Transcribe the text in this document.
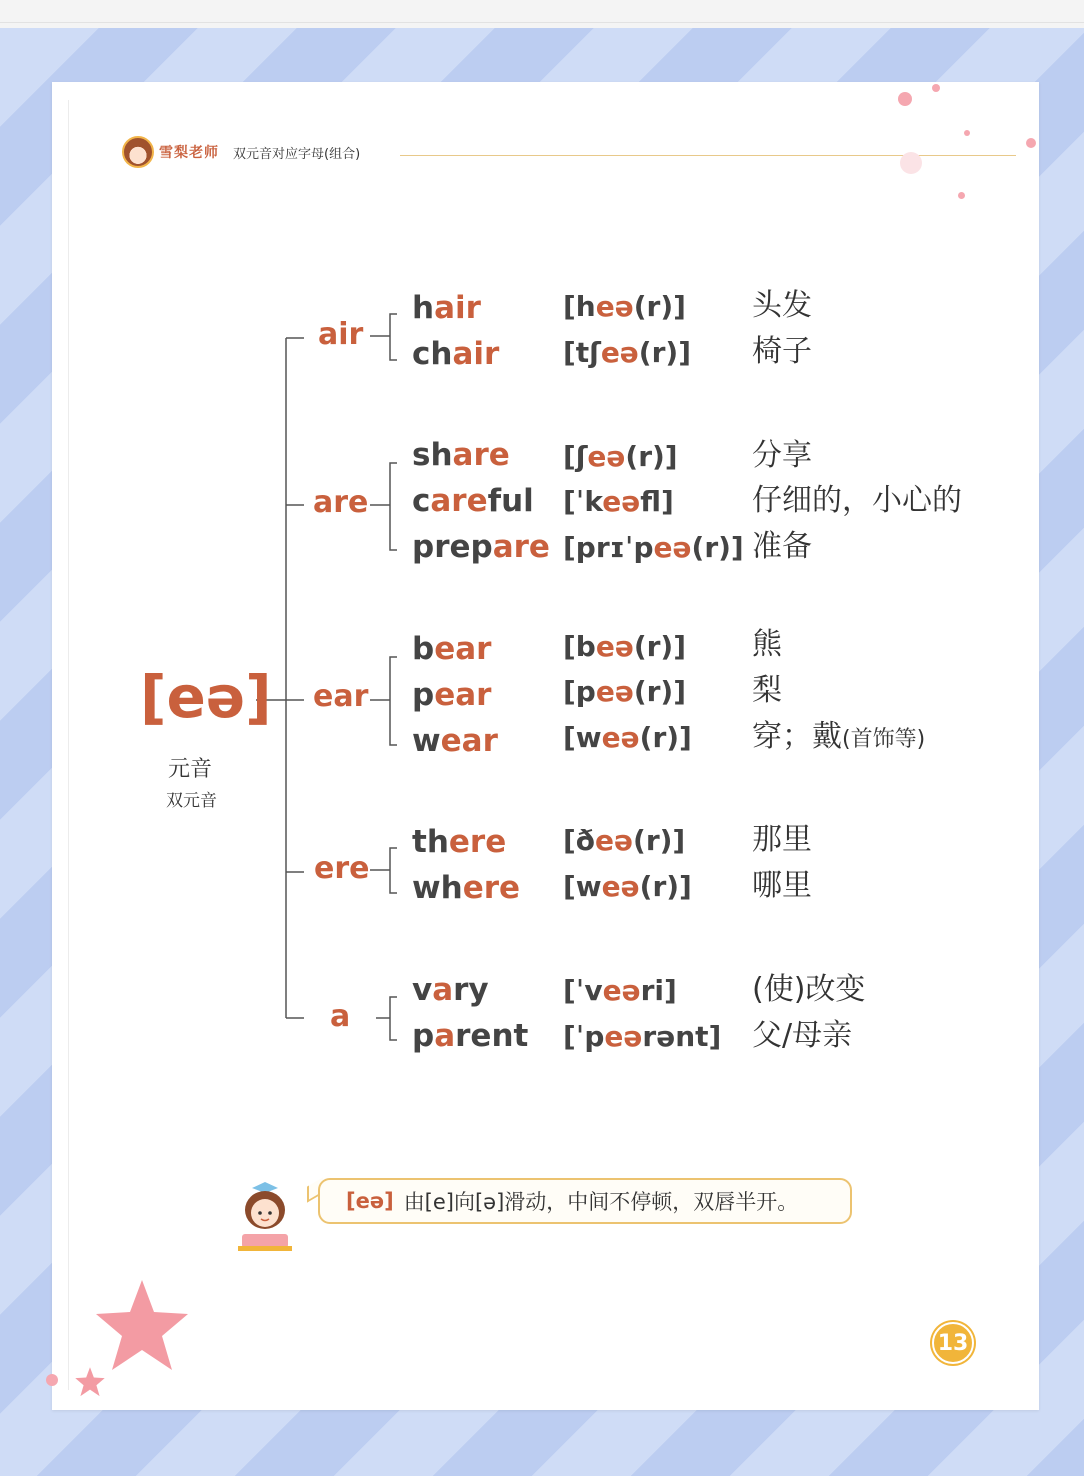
雪梨老师 双元音对应字母(组合)
[eə]
元音
双元音
air
hair	[heə(r)] 头发
chair [tʃeə(r)] 椅子
are
share [ʃeə(r)] 分享
careful [ˈkeəfl]	仔细的，小心的
prepare [prɪˈpeə(r)] 准备
ear
bear	[beə(r)] 熊
pear	[peə(r)] 梨
wear [weə(r)] 穿；戴(首饰等)
ere
there [ðeə(r)] 那里
where [weə(r)] 哪里
a
vary	[ˈveəri]	(使)改变
parent [ˈpeərənt] 父/母亲
[eə] 由[e]向[ə]滑动，中间不停顿，双唇半开。
13
